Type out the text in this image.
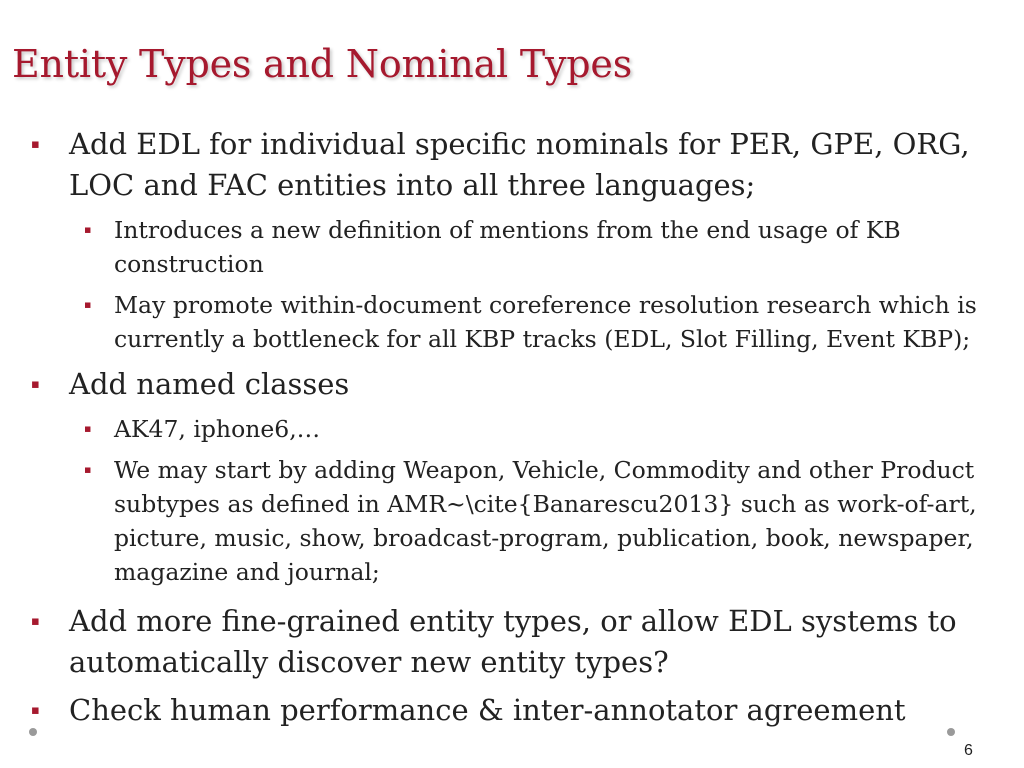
Entity Types and Nominal Types
▪ Add EDL for individual specific nominals for PER, GPE, ORG, LOC and FAC entities into all three languages;
▪ Introduces a new definition of mentions from the end usage of KB construction
▪ May promote within-document coreference resolution research which is currently a bottleneck for all KBP tracks (EDL, Slot Filling, Event KBP);
▪ Add named classes
▪ AK47, iphone6,…
▪ We may start by adding Weapon, Vehicle, Commodity and other Product subtypes as defined in AMR~\cite{Banarescu2013} such as work-of-art, picture, music, show, broadcast-program, publication, book, newspaper, magazine and journal;
▪ Add more fine-grained entity types, or allow EDL systems to automatically discover new entity types?
▪ Check human performance & inter-annotator agreement
6
